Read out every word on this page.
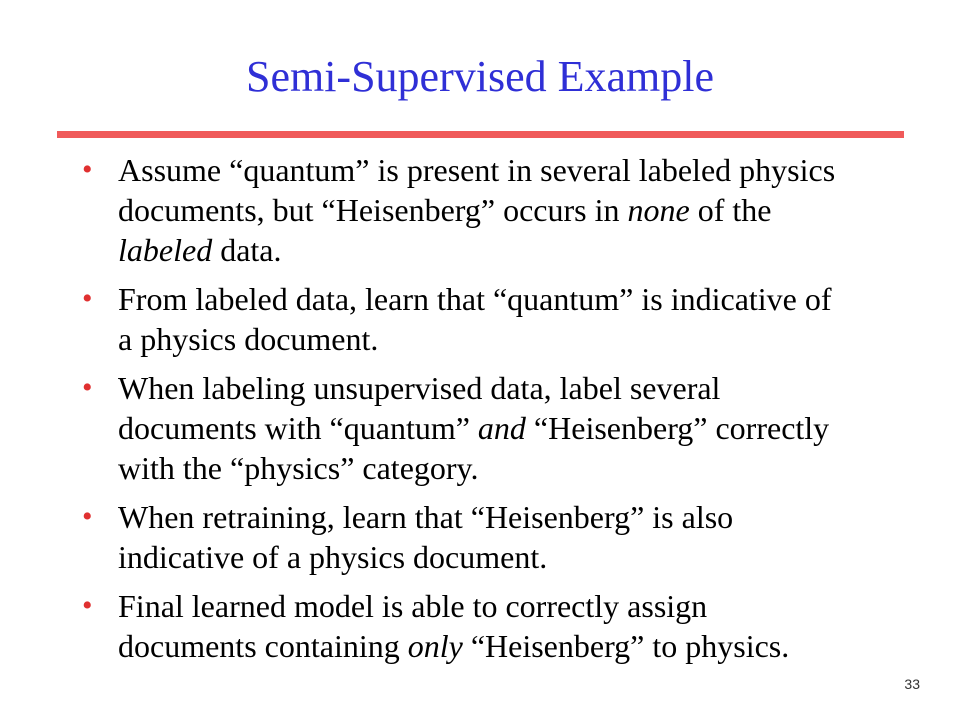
Semi-Supervised Example
• Assume “quantum” is present in several labeled physics documents, but “Heisenberg” occurs in none of the labeled data.
• From labeled data, learn that “quantum” is indicative of a physics document.
• When labeling unsupervised data, label several documents with “quantum” and “Heisenberg” correctly with the “physics” category.
• When retraining, learn that “Heisenberg” is also indicative of a physics document.
• Final learned model is able to correctly assign documents containing only “Heisenberg” to physics.
33
